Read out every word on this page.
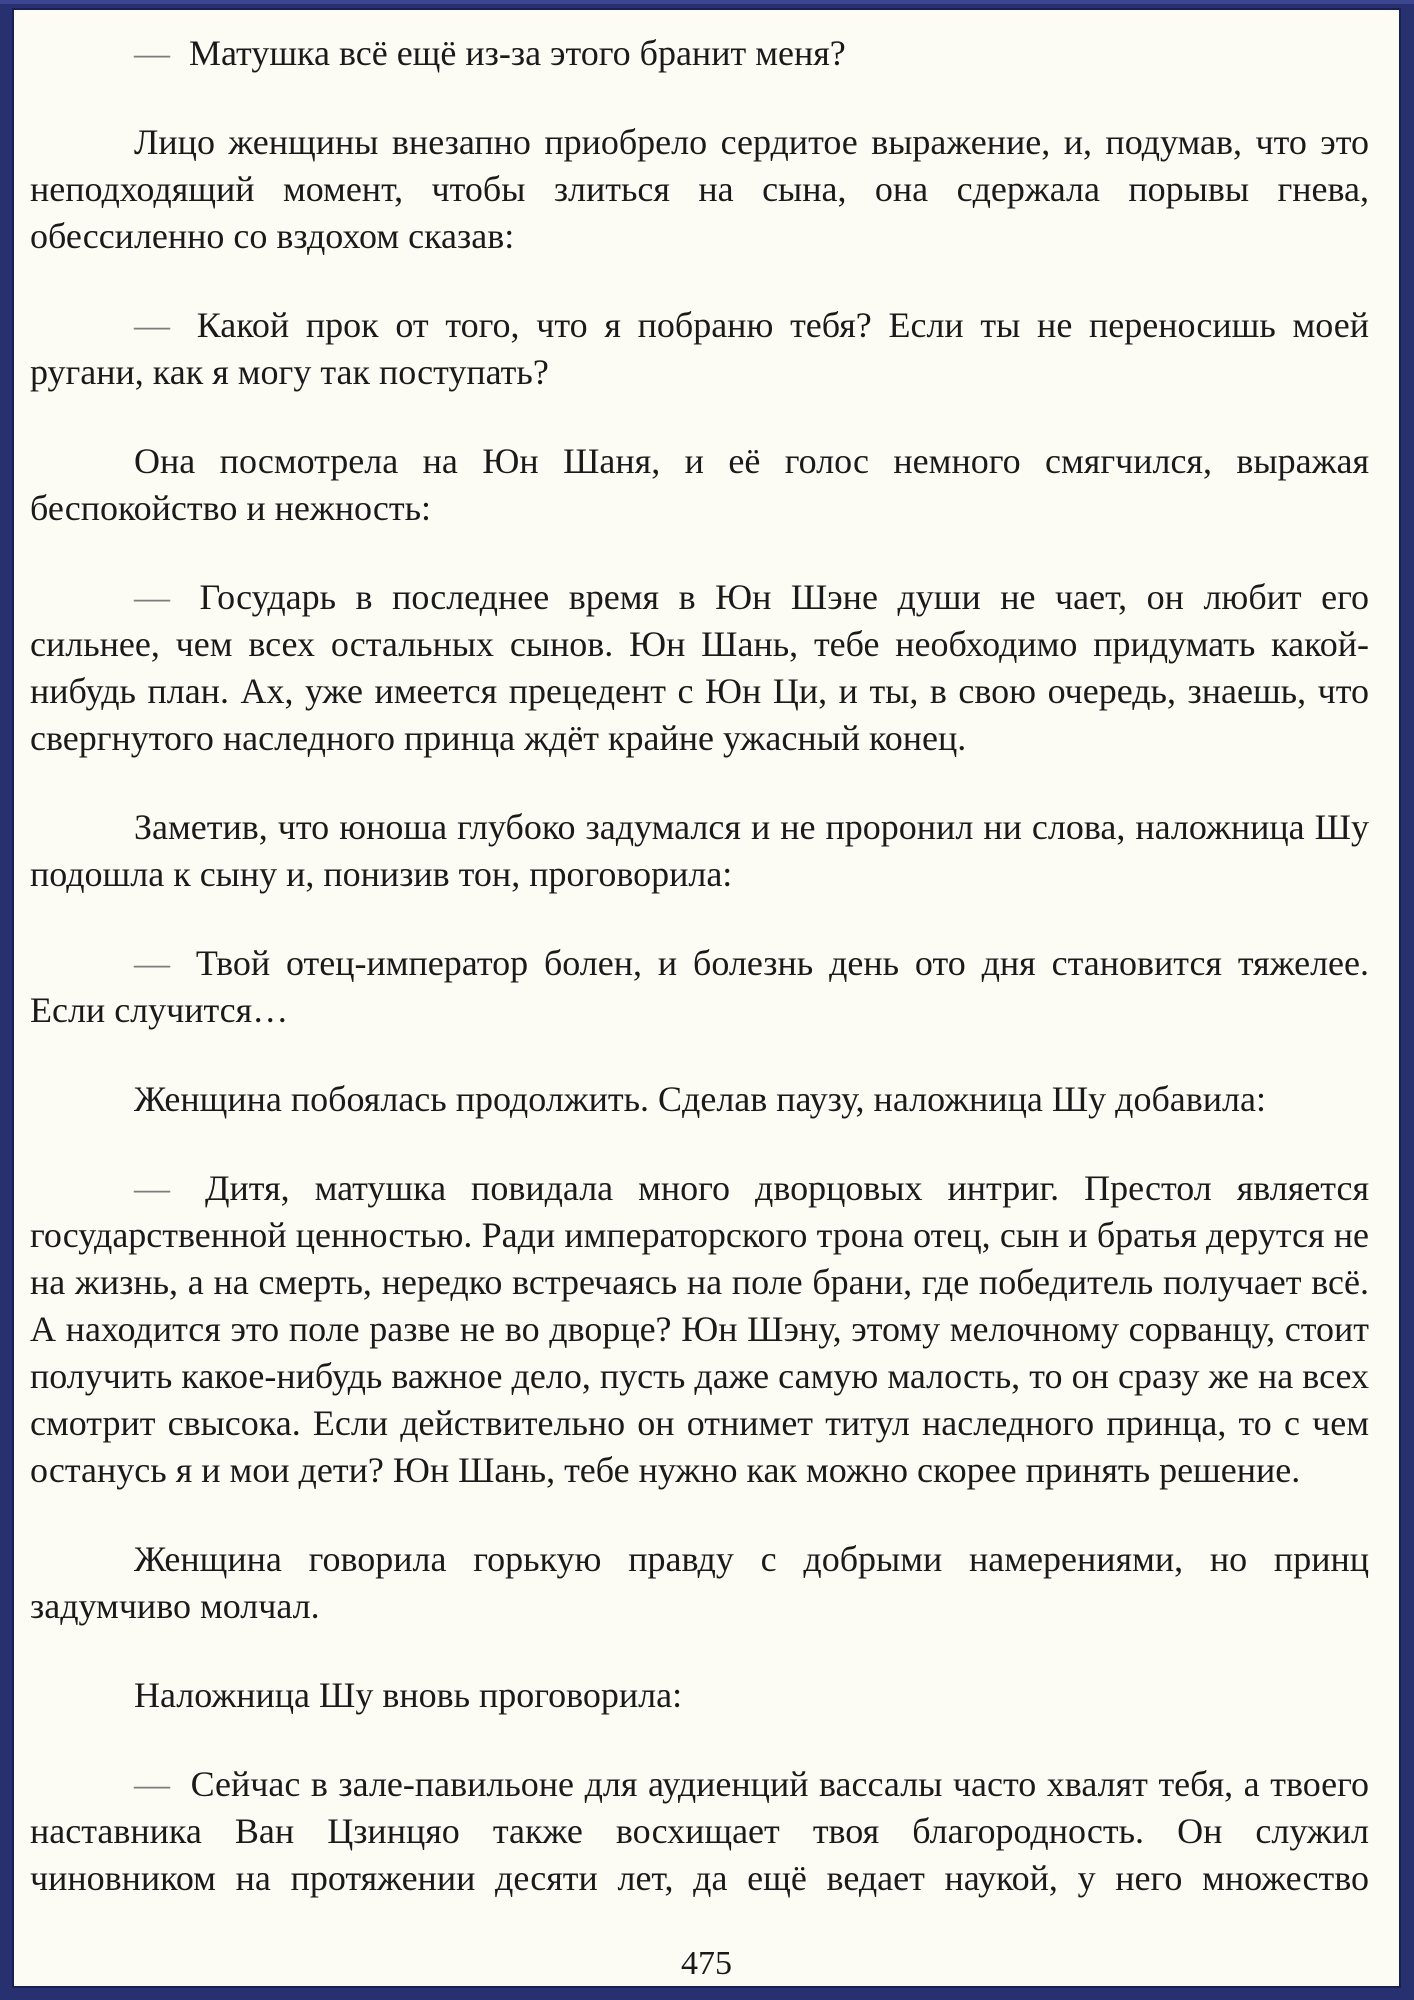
— Матушка всё ещё из-за этого бранит меня?

Лицо женщины внезапно приобрело сердитое выражение, и, подумав, что это неподходящий момент, чтобы злиться на сына, она сдержала порывы гнева, обессиленно со вздохом сказав:

— Какой прок от того, что я побраню тебя? Если ты не переносишь моей ругани, как я могу так поступать?

Она посмотрела на Юн Шаня, и её голос немного смягчился, выражая беспокойство и нежность:

— Государь в последнее время в Юн Шэне души не чает, он любит его сильнее, чем всех остальных сынов. Юн Шань, тебе необходимо придумать какой-нибудь план. Ах, уже имеется прецедент с Юн Ци, и ты, в свою очередь, знаешь, что свергнутого наследного принца ждёт крайне ужасный конец.

Заметив, что юноша глубоко задумался и не проронил ни слова, наложница Шу подошла к сыну и, понизив тон, проговорила:

— Твой отец-император болен, и болезнь день ото дня становится тяжелее. Если случится…

Женщина побоялась продолжить. Сделав паузу, наложница Шу добавила:

— Дитя, матушка повидала много дворцовых интриг. Престол является государственной ценностью. Ради императорского трона отец, сын и братья дерутся не на жизнь, а на смерть, нередко встречаясь на поле брани, где победитель получает всё. А находится это поле разве не во дворце? Юн Шэну, этому мелочному сорванцу, стоит получить какое-нибудь важное дело, пусть даже самую малость, то он сразу же на всех смотрит свысока. Если действительно он отнимет титул наследного принца, то с чем останусь я и мои дети? Юн Шань, тебе нужно как можно скорее принять решение.

Женщина говорила горькую правду с добрыми намерениями, но принц задумчиво молчал.

Наложница Шу вновь проговорила:

— Сейчас в зале-павильоне для аудиенций вассалы часто хвалят тебя, а твоего наставника Ван Цзинцяо также восхищает твоя благородность. Он служил чиновником на протяжении десяти лет, да ещё ведает наукой, у него множество

475
